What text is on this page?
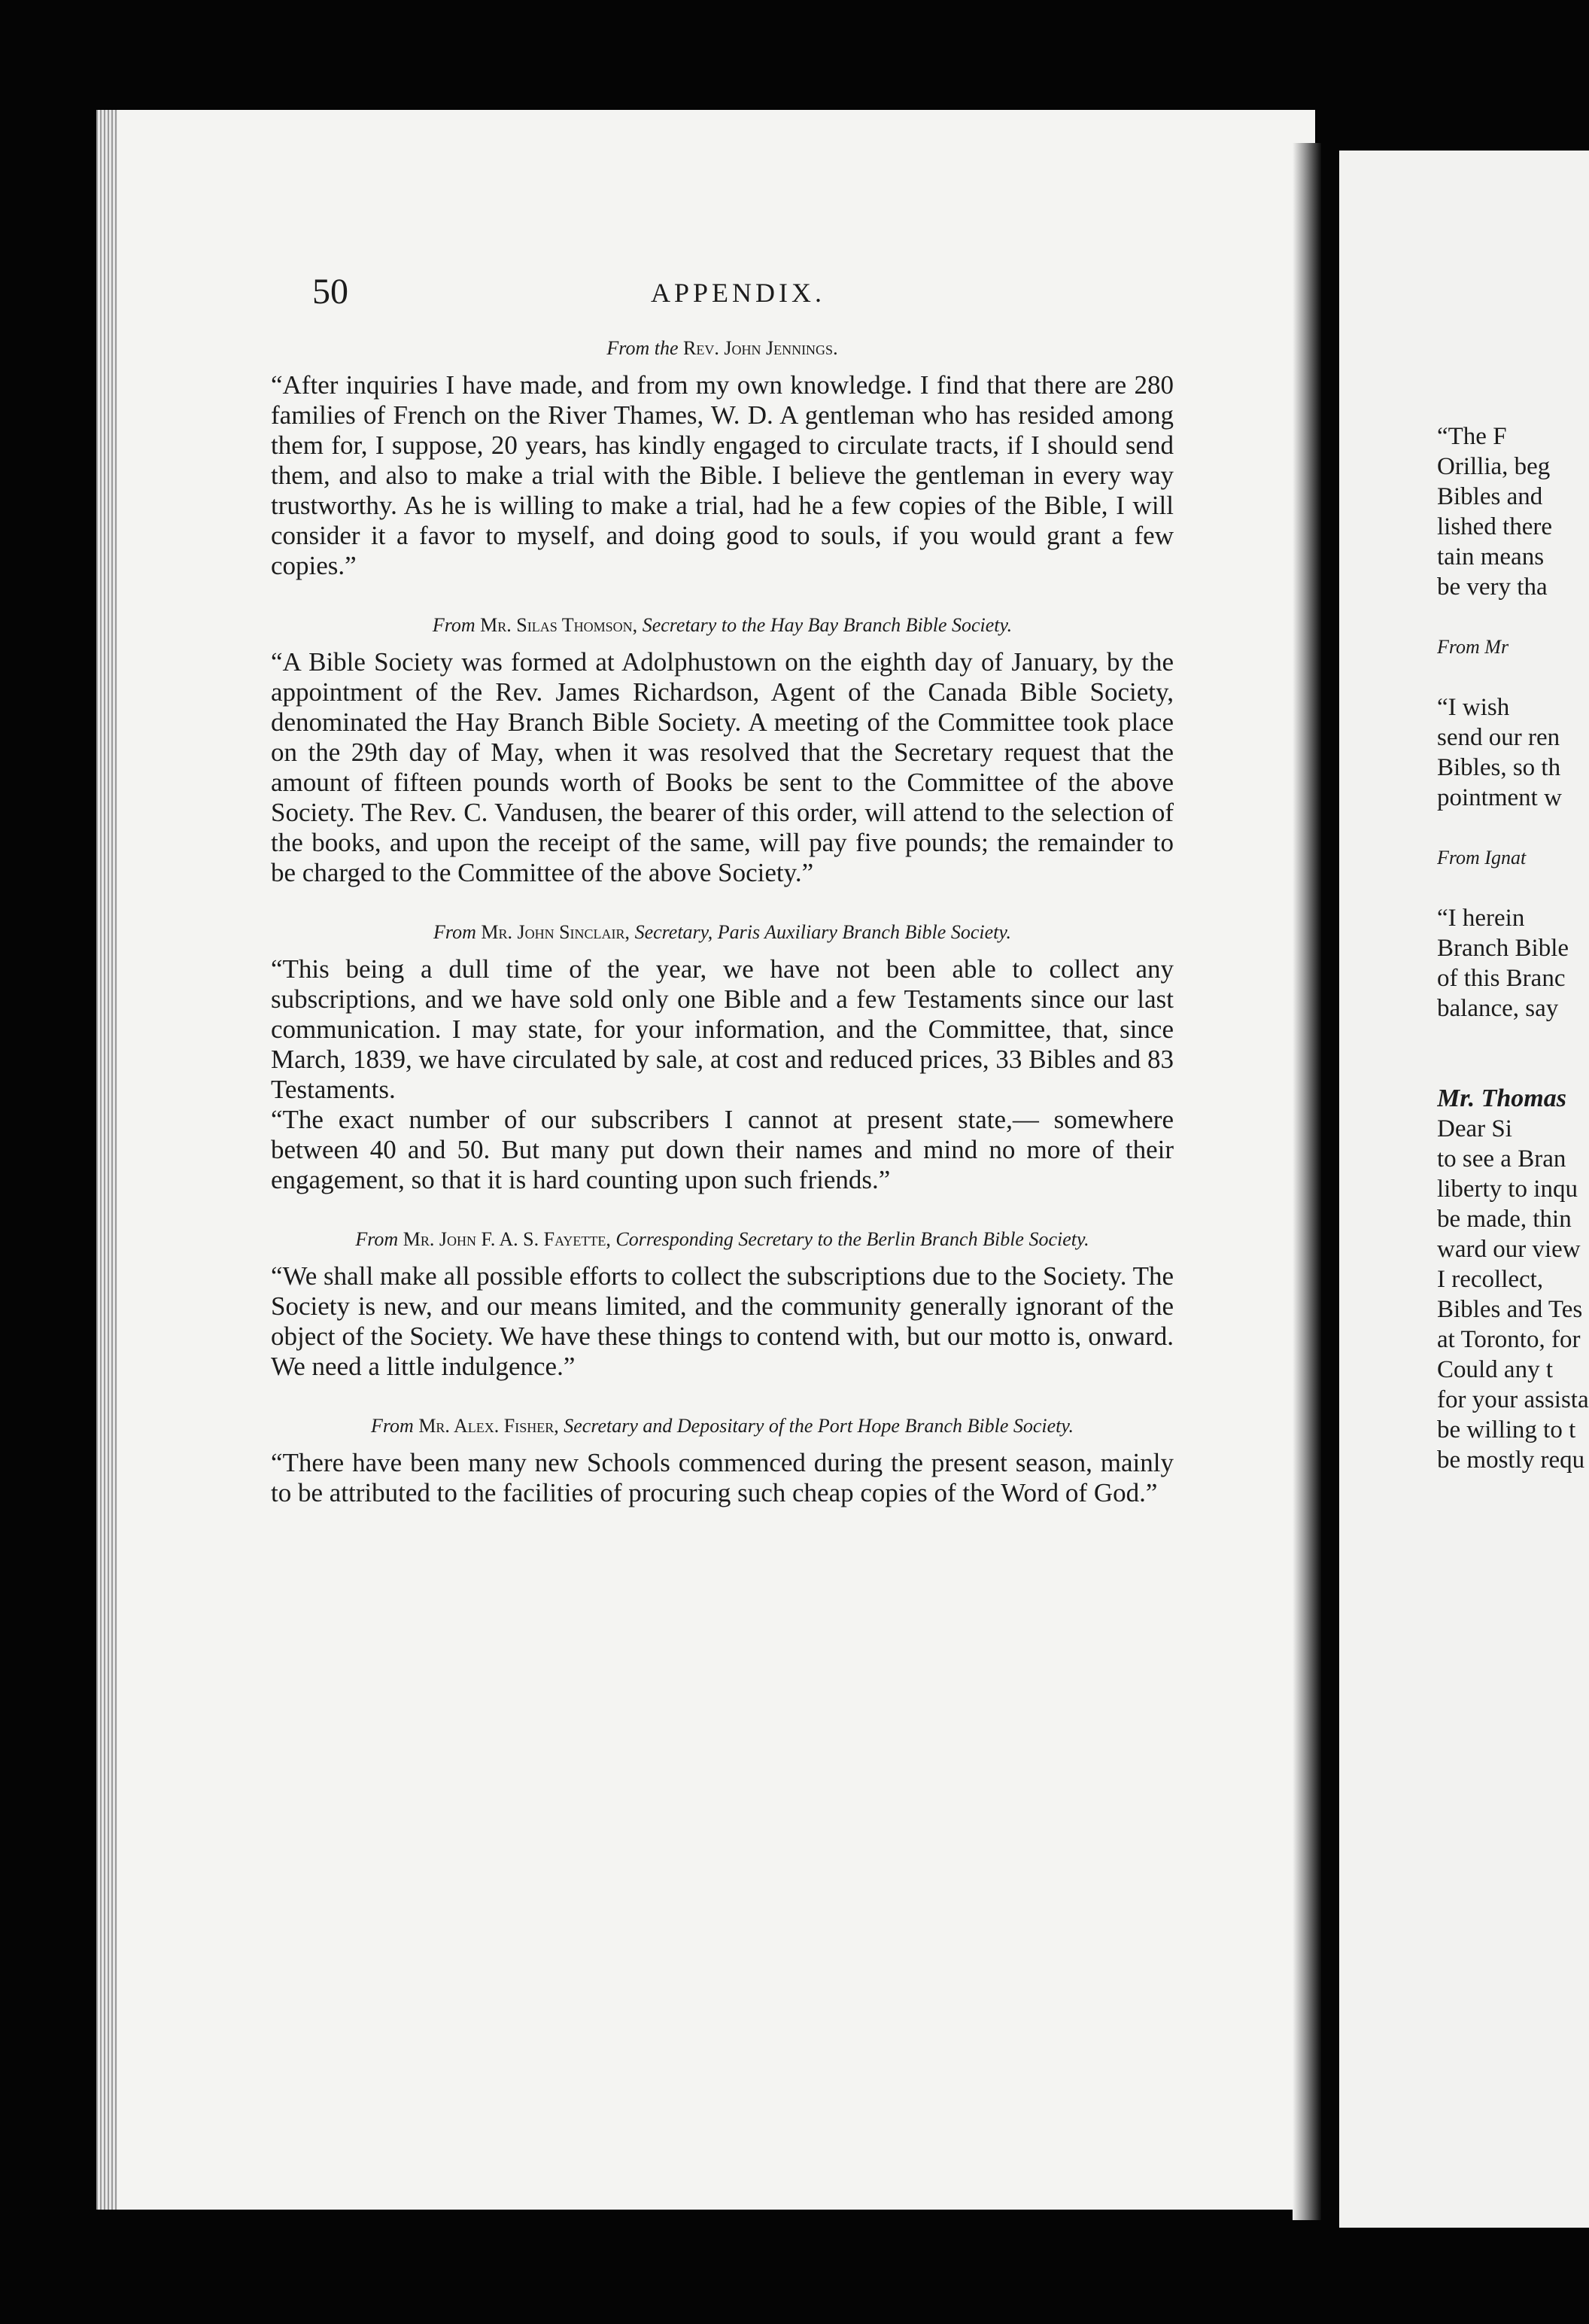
50	APPENDIX.
From the Rev. John Jennings.

“After inquiries I have made, and from my own knowledge. I find that there are 280 families of French on the River Thames, W. D. A gentleman who has resided among them for, I suppose, 20 years, has kindly engaged to circulate tracts, if I should send them, and also to make a trial with the Bible. I believe the gentleman in every way trustworthy. As he is willing to make a trial, had he a few copies of the Bible, I will consider it a favor to myself, and doing good to souls, if you would grant a few copies.”

From Mr. Silas Thomson, Secretary to the Hay Bay Branch Bible Society.

“A Bible Society was formed at Adolphustown on the eighth day of January, by the appointment of the Rev. James Richardson, Agent of the Canada Bible Society, denominated the Hay Branch Bible Society. A meeting of the Committee took place on the 29th day of May, when it was resolved that the Secretary request that the amount of fifteen pounds worth of Books be sent to the Committee of the above Society. The Rev. C. Vandusen, the bearer of this order, will attend to the selection of the books, and upon the receipt of the same, will pay five pounds; the remainder to be charged to the Committee of the above Society.”

From Mr. John Sinclair, Secretary, Paris Auxiliary Branch Bible Society.

“This being a dull time of the year, we have not been able to collect any subscriptions, and we have sold only one Bible and a few Testaments since our last communication. I may state, for your information, and the Committee, that, since March, 1839, we have circulated by sale, at cost and reduced prices, 33 Bibles and 83 Testaments.

“The exact number of our subscribers I cannot at present state,— somewhere between 40 and 50. But many put down their names and mind no more of their engagement, so that it is hard counting upon such friends.”

From Mr. John F. A. S. Fayette, Corresponding Secretary to the Berlin Branch Bible Society.

“We shall make all possible efforts to collect the subscriptions due to the Society. The Society is new, and our means limited, and the community generally ignorant of the object of the Society. We have these things to contend with, but our motto is, onward. We need a little indulgence.”

From Mr. Alex. Fisher, Secretary and Depositary of the Port Hope Branch Bible Society.

“There have been many new Schools commenced during the present season, mainly to be attributed to the facilities of procuring such cheap copies of the Word of God.”

“The F
Orillia, beg
Bibles and
lished there
tain means
be very tha
From Mr
“I wish
send our ren
Bibles, so th
pointment w
From Ignat
“I herein
Branch Bible
of this Branc
balance, say
Mr. Thomas
Dear Si
to see a Bran
liberty to inqu
be made, thin
ward our view
I recollect,
Bibles and Tes
at Toronto, for
Could any t
for your assista
be willing to t
be mostly requ
